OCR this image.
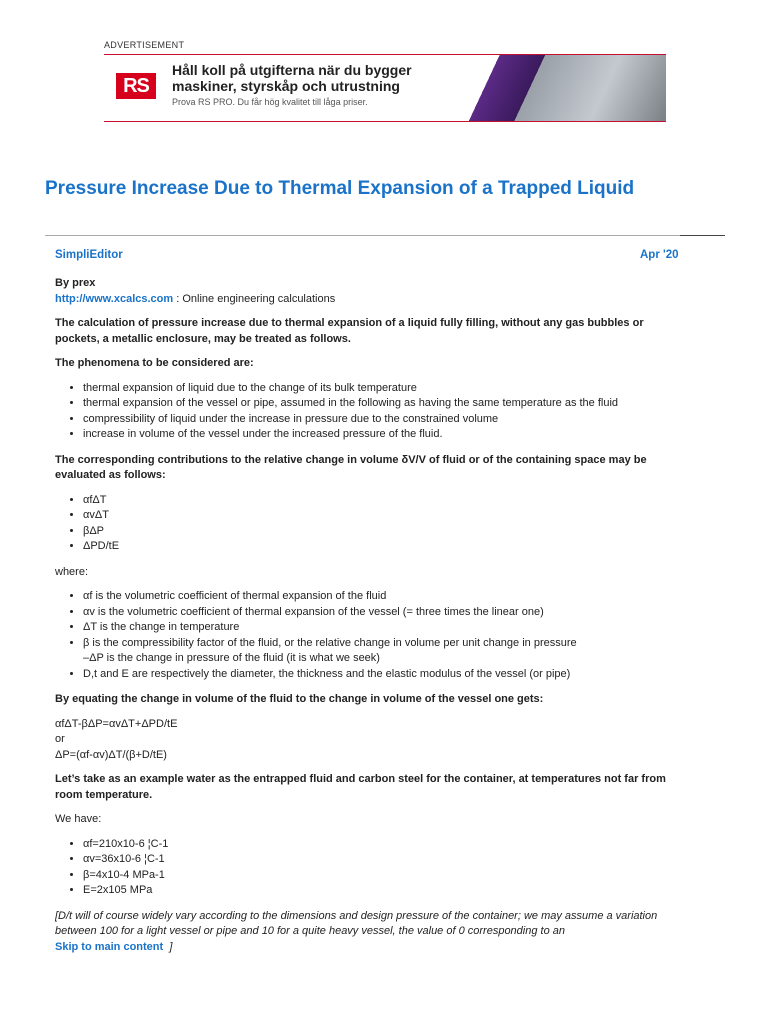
ADVERTISEMENT
RS
Håll koll på utgifterna när du bygger maskiner, styrskåp och utrustning
Prova RS PRO. Du får hög kvalitet till låga priser.
Pressure Increase Due to Thermal Expansion of a Trapped Liquid
SimpliEditor	Apr '20

By prex

http://www.xcalcs.com : Online engineering calculations

The calculation of pressure increase due to thermal expansion of a liquid fully filling, without any gas bubbles or pockets, a metallic enclosure, may be treated as follows.

The phenomena to be considered are:

• thermal expansion of liquid due to the change of its bulk temperature
• thermal expansion of the vessel or pipe, assumed in the following as having the same temperature as the fluid
• compressibility of liquid under the increase in pressure due to the constrained volume
• increase in volume of the vessel under the increased pressure of the fluid.

The corresponding contributions to the relative change in volume δV/V of fluid or of the containing space may be evaluated as follows:

• αfΔT
• αvΔT
• βΔP
• ΔPD/tE

where:

• αf is the volumetric coefficient of thermal expansion of the fluid
• αv is the volumetric coefficient of thermal expansion of the vessel (= three times the linear one)
• ΔT is the change in temperature
• β is the compressibility factor of the fluid, or the relative change in volume per unit change in pressure
–ΔP is the change in pressure of the fluid (it is what we seek)
• D,t and E are respectively the diameter, the thickness and the elastic modulus of the vessel (or pipe)

By equating the change in volume of the fluid to the change in volume of the vessel one gets:

αfΔT-βΔP=αvΔT+ΔPD/tE
or
ΔP=(αf-αv)ΔT/(β+D/tE)

Let’s take as an example water as the entrapped fluid and carbon steel for the container, at temperatures not far from room temperature.

We have:

• αf=210x10-6 ¦C-1
• αv=36x10-6 ¦C-1
• β=4x10-4 MPa-1
• E=2x105 MPa

[D/t will of course widely vary according to the dimensions and design pressure of the container; we may assume a variation between 100 for a light vessel or pipe and 10 for a quite heavy vessel, the value of 0 corresponding to an
Skip to main content ]
